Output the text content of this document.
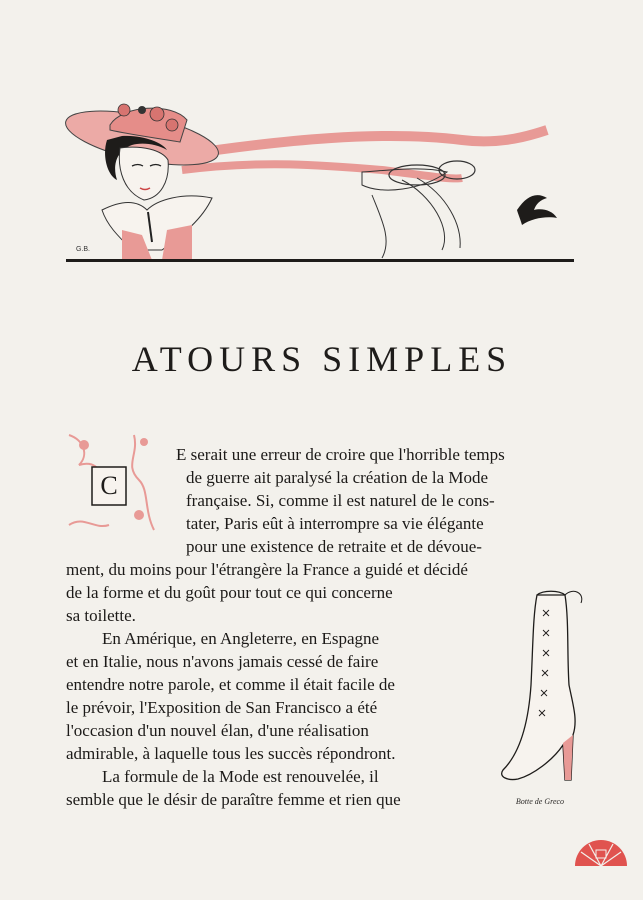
G.B.
ATOURS SIMPLES
C
E serait une erreur de croire que l'horrible temps
de guerre ait paralysé la création de la Mode
française. Si, comme il est naturel de le cons-
tater, Paris eût à interrompre sa vie élégante
pour une existence de retraite et de dévoue-
ment, du moins pour l'étrangère la France a guidé et décidé
de la forme et du goût pour tout ce qui concerne
sa toilette.
En Amérique, en Angleterre, en Espagne
et en Italie, nous n'avons jamais cessé de faire
entendre notre parole, et comme il était facile de
le prévoir, l'Exposition de San Francisco a été
l'occasion d'un nouvel élan, d'une réalisation
admirable, à laquelle tous les succès répondront.
La formule de la Mode est renouvelée, il
semble que le désir de paraître femme et rien que	Botte de Greco
